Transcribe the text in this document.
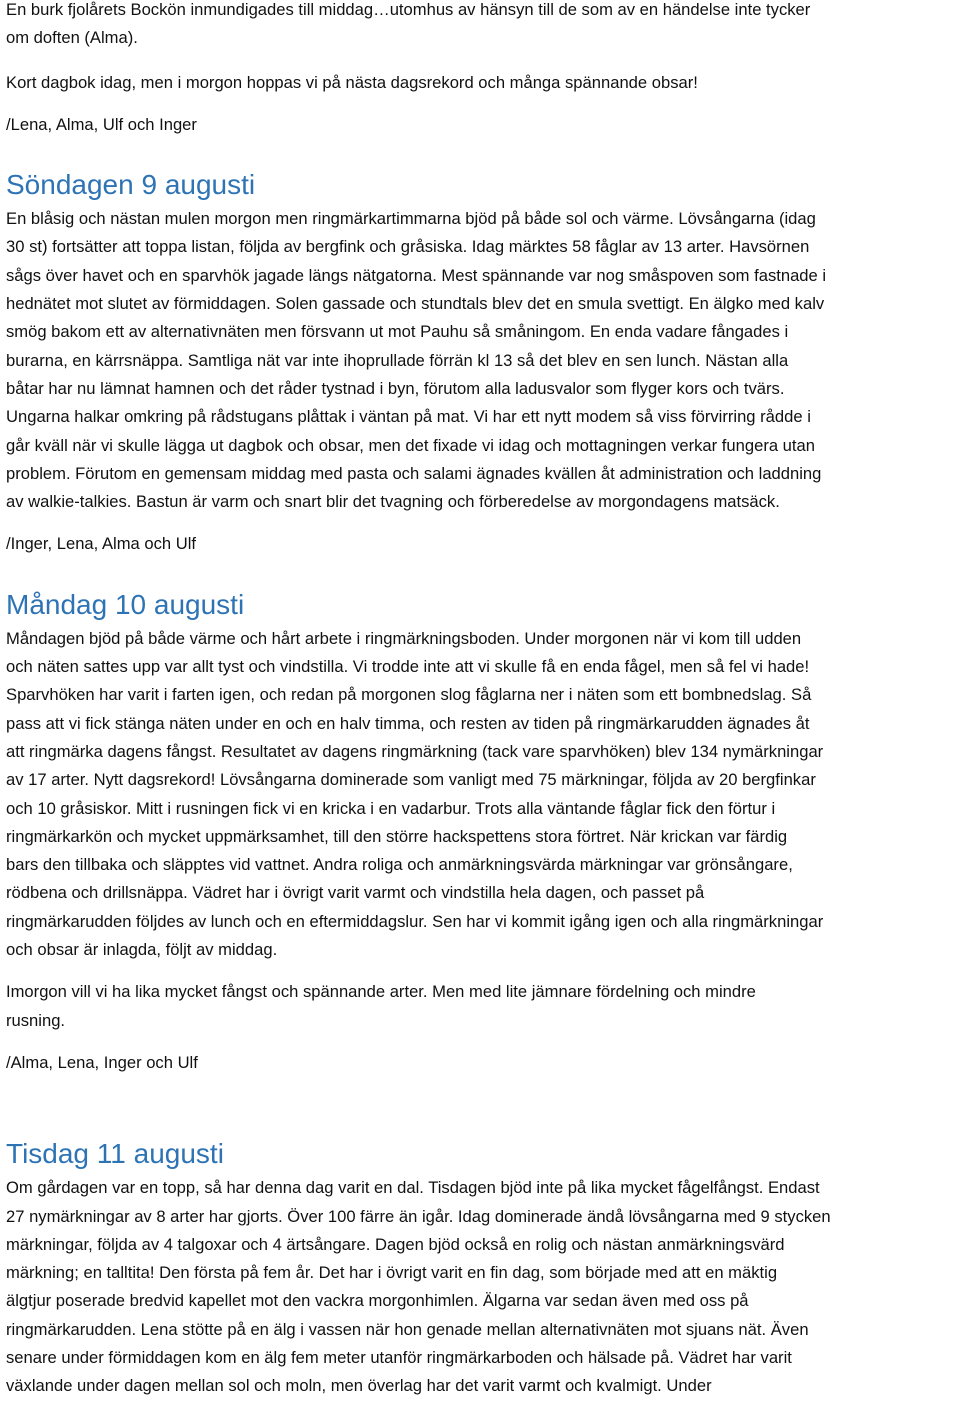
En burk fjolårets Bockön inmundigades till middag…utomhus av hänsyn till de som av en händelse inte tycker
om doften (Alma).
Kort dagbok idag, men i morgon hoppas vi på nästa dagsrekord och många spännande obsar!
/Lena, Alma, Ulf och Inger
Söndagen 9 augusti
En blåsig och nästan mulen morgon men ringmärkartimmarna bjöd på både sol och värme. Lövsångarna (idag
30 st) fortsätter att toppa listan, följda av bergfink och gråsiska. Idag märktes 58 fåglar av 13 arter. Havsörnen
sågs över havet och en sparvhök jagade längs nätgatorna. Mest spännande var nog småspoven som fastnade i
hednätet mot slutet av förmiddagen. Solen gassade och stundtals blev det en smula svettigt. En älgko med kalv
smög bakom ett av alternativnäten men försvann ut mot Pauhu så småningom. En enda vadare fångades i
burarna, en kärrsnäppa. Samtliga nät var inte ihoprullade förrän kl 13 så det blev en sen lunch. Nästan alla
båtar har nu lämnat hamnen och det råder tystnad i byn, förutom alla ladusvalor som flyger kors och tvärs.
Ungarna halkar omkring på rådstugans plåttak i väntan på mat. Vi har ett nytt modem så viss förvirring rådde i
går kväll när vi skulle lägga ut dagbok och obsar, men det fixade vi idag och mottagningen verkar fungera utan
problem. Förutom en gemensam middag med pasta och salami ägnades kvällen åt administration och laddning
av walkie-talkies. Bastun är varm och snart blir det tvagning och förberedelse av morgondagens matsäck.
/Inger, Lena, Alma och Ulf
Måndag 10 augusti
Måndagen bjöd på både värme och hårt arbete i ringmärkningsboden. Under morgonen när vi kom till udden
och näten sattes upp var allt tyst och vindstilla. Vi trodde inte att vi skulle få en enda fågel, men så fel vi hade!
Sparvhöken har varit i farten igen, och redan på morgonen slog fåglarna ner i näten som ett bombnedslag. Så
pass att vi fick stänga näten under en och en halv timma, och resten av tiden på ringmärkarudden ägnades åt
att ringmärka dagens fångst. Resultatet av dagens ringmärkning (tack vare sparvhöken) blev 134 nymärkningar
av 17 arter. Nytt dagsrekord! Lövsångarna dominerade som vanligt med 75 märkningar, följda av 20 bergfinkar
och 10 gråsiskor. Mitt i rusningen fick vi en kricka i en vadarbur. Trots alla väntande fåglar fick den förtur i
ringmärkarkön och mycket uppmärksamhet, till den större hackspettens stora förtret. När krickan var färdig
bars den tillbaka och släpptes vid vattnet. Andra roliga och anmärkningsvärda märkningar var grönsångare,
rödbena och drillsnäppa. Vädret har i övrigt varit varmt och vindstilla hela dagen, och passet på
ringmärkarudden följdes av lunch och en eftermiddagslur. Sen har vi kommit igång igen och alla ringmärkningar
och obsar är inlagda, följt av middag.
Imorgon vill vi ha lika mycket fångst och spännande arter. Men med lite jämnare fördelning och mindre
rusning.
/Alma, Lena, Inger och Ulf
Tisdag 11 augusti
Om gårdagen var en topp, så har denna dag varit en dal. Tisdagen bjöd inte på lika mycket fågelfångst. Endast
27 nymärkningar av 8 arter har gjorts. Över 100 färre än igår. Idag dominerade ändå lövsångarna med 9 stycken
märkningar, följda av 4 talgoxar och 4 ärtsångare. Dagen bjöd också en rolig och nästan anmärkningsvärd
märkning; en talltita! Den första på fem år. Det har i övrigt varit en fin dag, som började med att en mäktig
älgtjur poserade bredvid kapellet mot den vackra morgonhimlen. Älgarna var sedan även med oss på
ringmärkarudden. Lena stötte på en älg i vassen när hon genade mellan alternativnäten mot sjuans nät. Även
senare under förmiddagen kom en älg fem meter utanför ringmärkarboden och hälsade på. Vädret har varit
växlande under dagen mellan sol och moln, men överlag har det varit varmt och kvalmigt. Under
